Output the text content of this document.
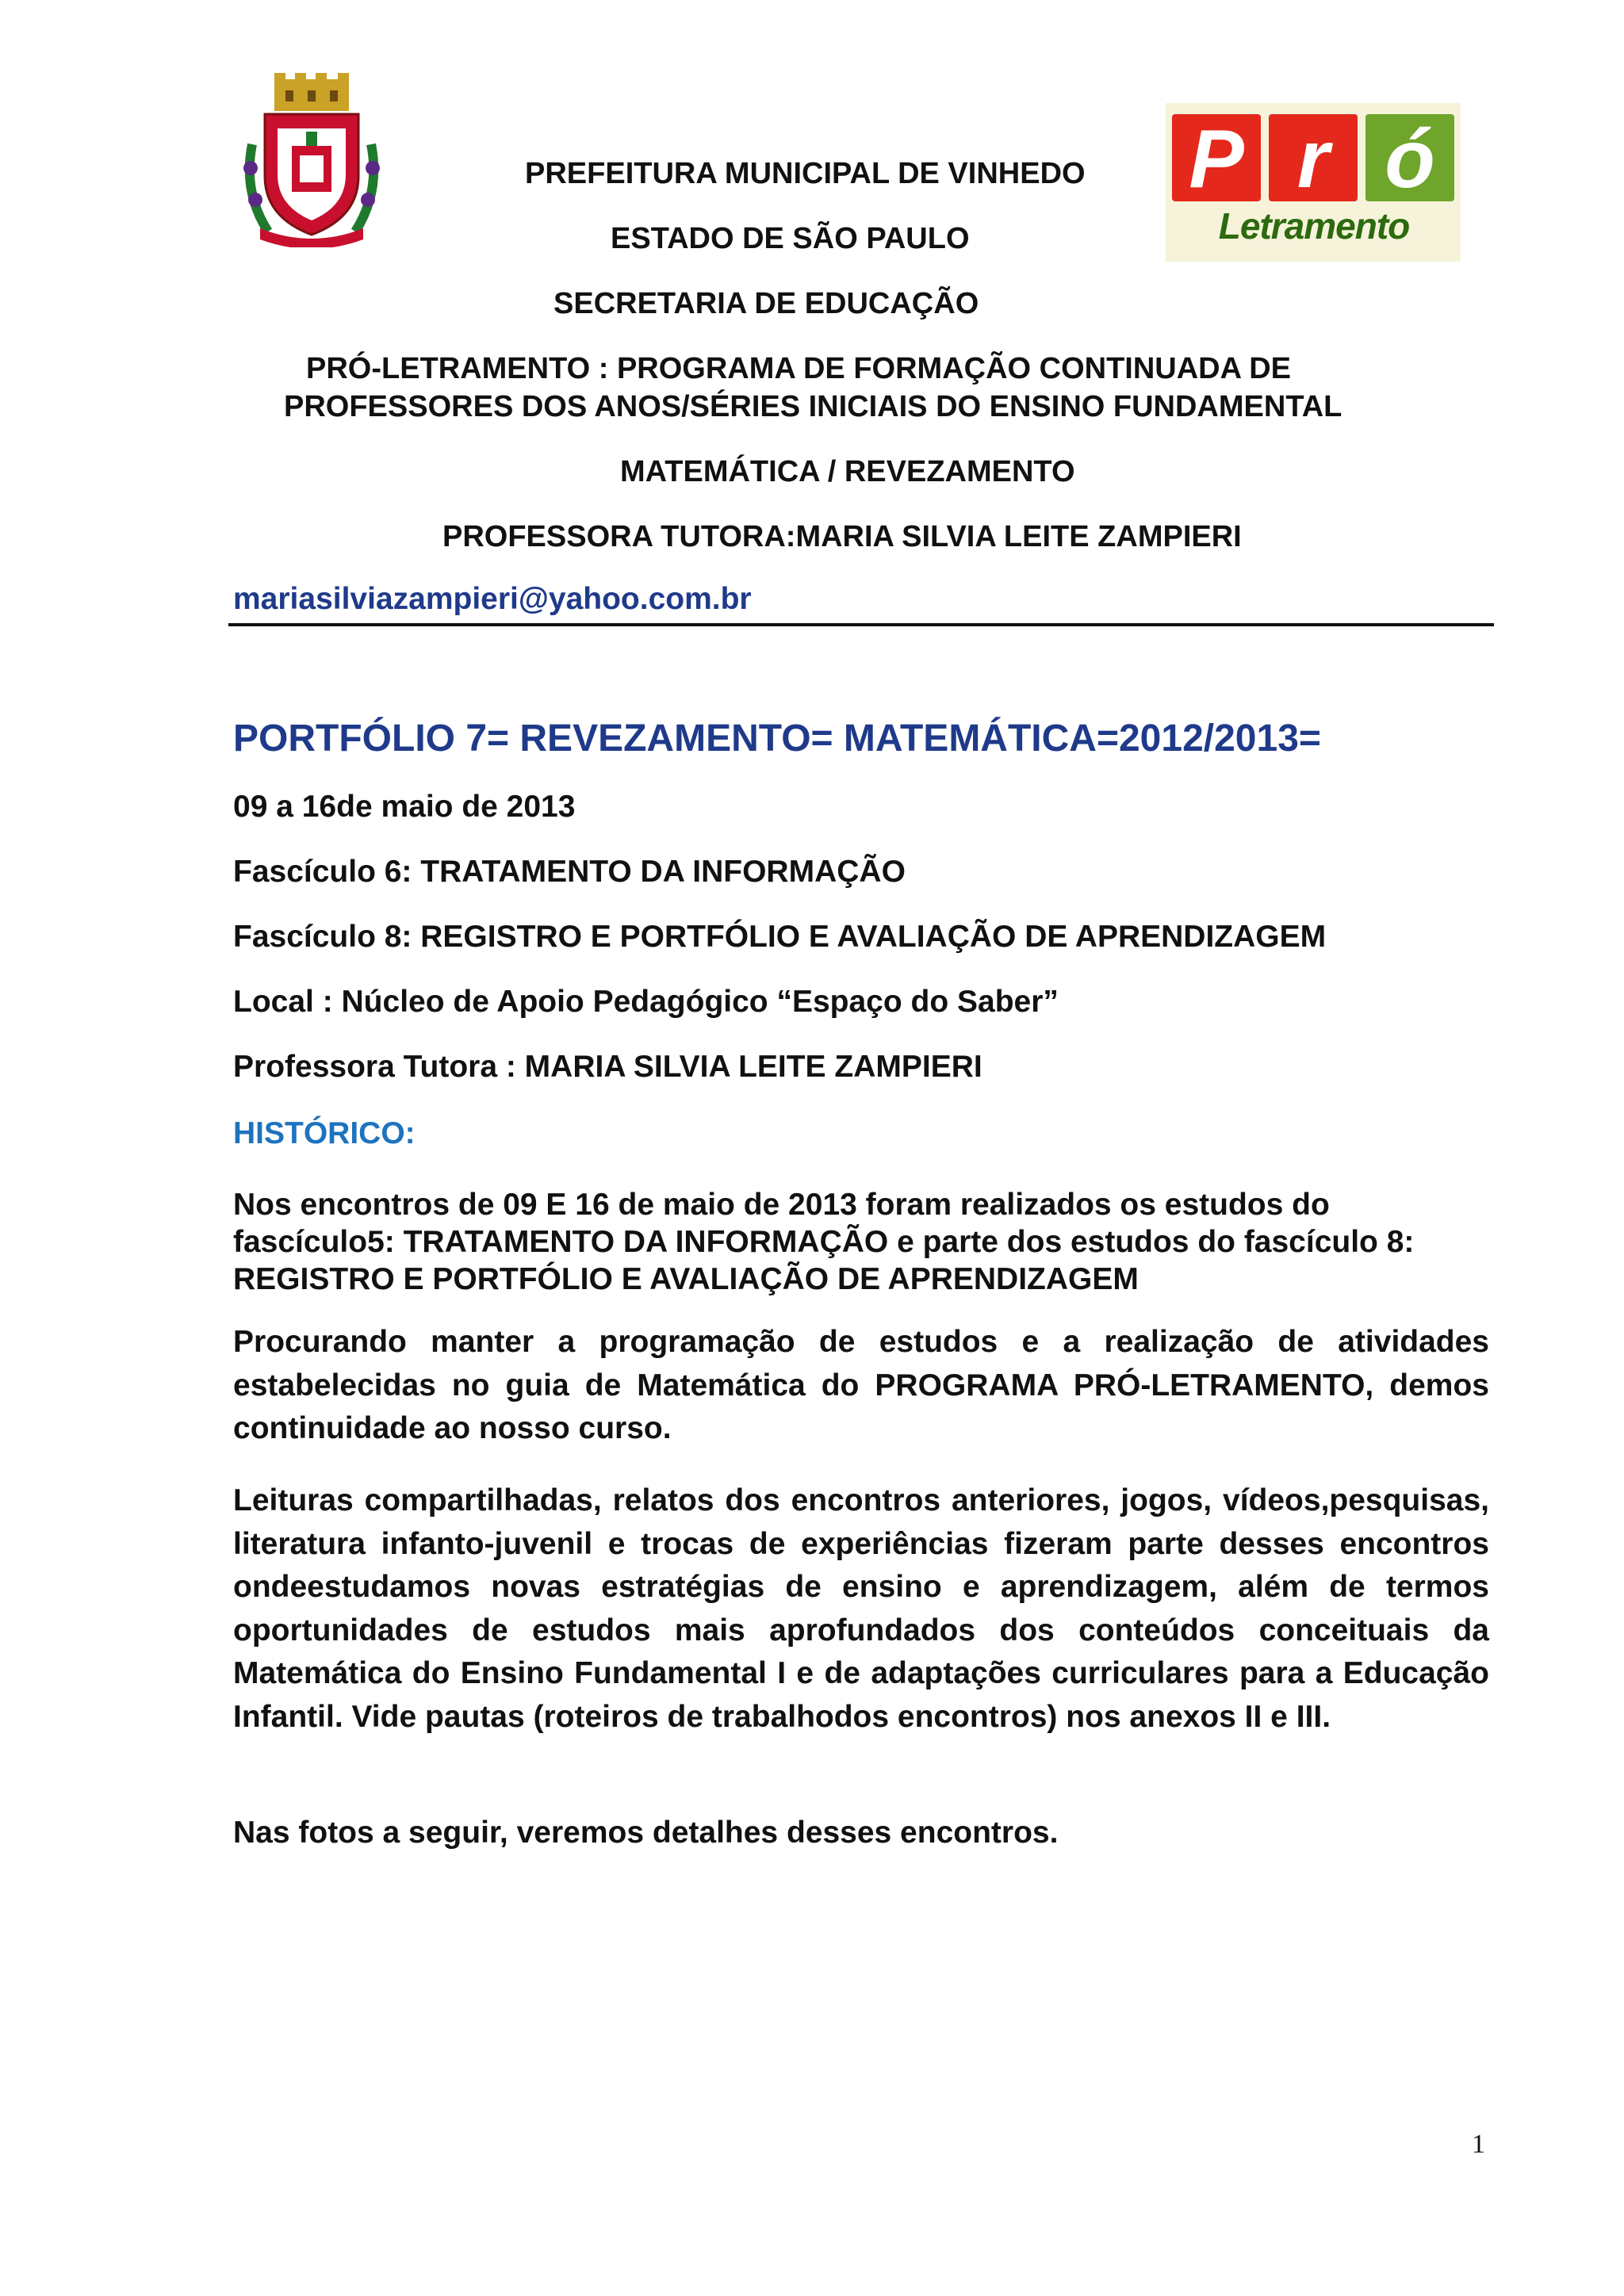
P r ó
Letramento
PREFEITURA MUNICIPAL DE VINHEDO
ESTADO DE SÃO PAULO
SECRETARIA DE EDUCAÇÃO
PRÓ-LETRAMENTO : PROGRAMA DE FORMAÇÃO CONTINUADA DE
PROFESSORES DOS ANOS/SÉRIES INICIAIS DO ENSINO FUNDAMENTAL
MATEMÁTICA / REVEZAMENTO
PROFESSORA TUTORA:MARIA SILVIA LEITE ZAMPIERI
mariasilviazampieri@yahoo.com.br
PORTFÓLIO 7= REVEZAMENTO= MATEMÁTICA=2012/2013=
09 a 16de maio de 2013
Fascículo 6: TRATAMENTO DA INFORMAÇÃO
Fascículo 8: REGISTRO E PORTFÓLIO E AVALIAÇÃO DE APRENDIZAGEM
Local : Núcleo de Apoio Pedagógico “Espaço do Saber”
Professora Tutora : MARIA SILVIA LEITE ZAMPIERI
HISTÓRICO:
Nos encontros de 09 E 16 de maio de 2013 foram realizados os estudos do fascículo5: TRATAMENTO DA INFORMAÇÃO e parte dos estudos do fascículo 8: REGISTRO E PORTFÓLIO E AVALIAÇÃO DE APRENDIZAGEM
Procurando manter a programação de estudos e a realização de atividades estabelecidas no guia de Matemática do PROGRAMA PRÓ-LETRAMENTO, demos continuidade ao nosso curso.
Leituras compartilhadas, relatos dos encontros anteriores, jogos, vídeos,pesquisas, literatura infanto-juvenil e trocas de experiências fizeram parte desses encontros ondeestudamos novas estratégias de ensino e aprendizagem, além de termos oportunidades de estudos mais aprofundados dos conteúdos conceituais da Matemática do Ensino Fundamental I e de adaptações curriculares para a Educação Infantil. Vide pautas (roteiros de trabalhodos encontros) nos anexos II e III.
Nas fotos a seguir, veremos detalhes desses encontros.
1
